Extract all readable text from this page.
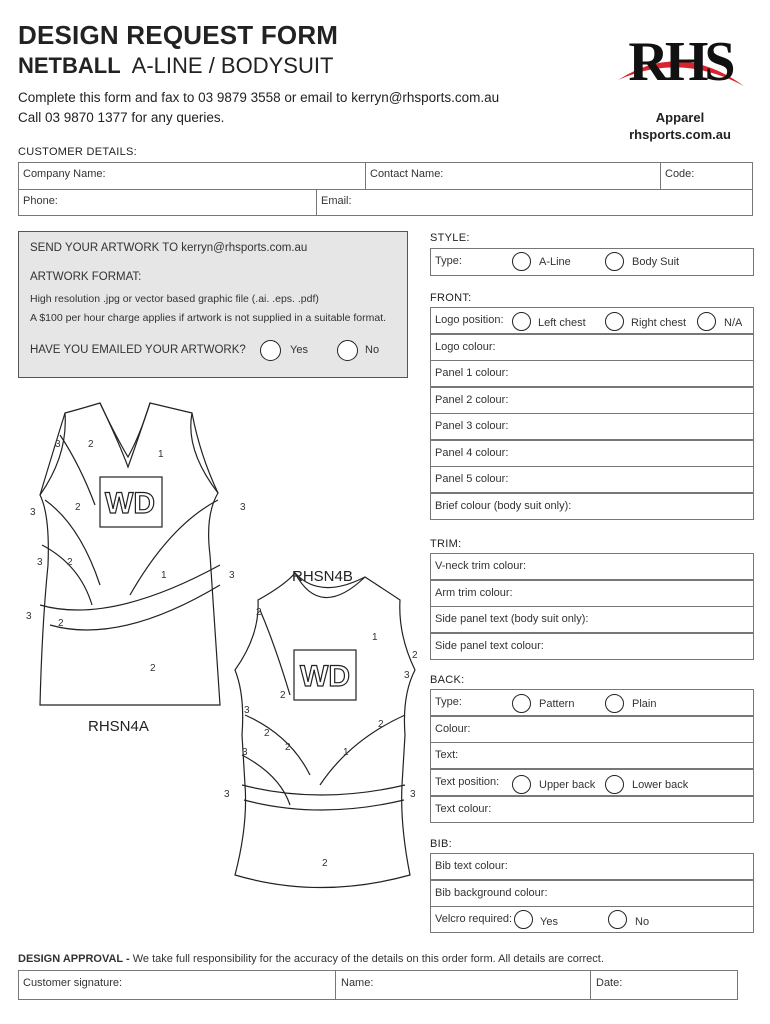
DESIGN REQUEST FORM
NETBALL A-LINE / BODYSUIT
Complete this form and fax to 03 9879 3558 or email to kerryn@rhsports.com.au
Call 03 9870 1377 for any queries.
RHS
Apparel
rhsports.com.au
CUSTOMER DETAILS:
Company Name:	Contact Name:	Code:
Phone:	Email:
SEND YOUR ARTWORK TO kerryn@rhsports.com.au
ARTWORK FORMAT:
High resolution .jpg or vector based graphic file (.ai. .eps. .pdf)
A $100 per hour charge applies if artwork is not supplied in a suitable format.
HAVE YOU EMAILED YOUR ARTWORK?	Yes	No
STYLE:
Type:	A-Line	Body Suit
FRONT:
Logo position:	Left chest	Right chest	N/A
Logo colour:
Panel 1 colour:
Panel 2 colour:
Panel 3 colour:
Panel 4 colour:
Panel 5 colour:
Brief colour (body suit only):
TRIM:
V-neck trim colour:
Arm trim colour:
Side panel text (body suit only):
Side panel text colour:
BACK:
Type:	Pattern	Plain
Colour:
Text:
Text position:	Upper back	Lower back
Text colour:
BIB:
Bib text colour:
Bib background colour:
Velcro required:	Yes	No
WD
WD
3	2
1
3	2	3
3 2
1	3
3
2
2
2
1
2
3
2
3
2
2
3	2	1
3	3
2
RHSN4A
RHSN4B
DESIGN APPROVAL - We take full responsibility for the accuracy of the details on this order form. All details are correct.
Customer signature:	Name:	Date:
